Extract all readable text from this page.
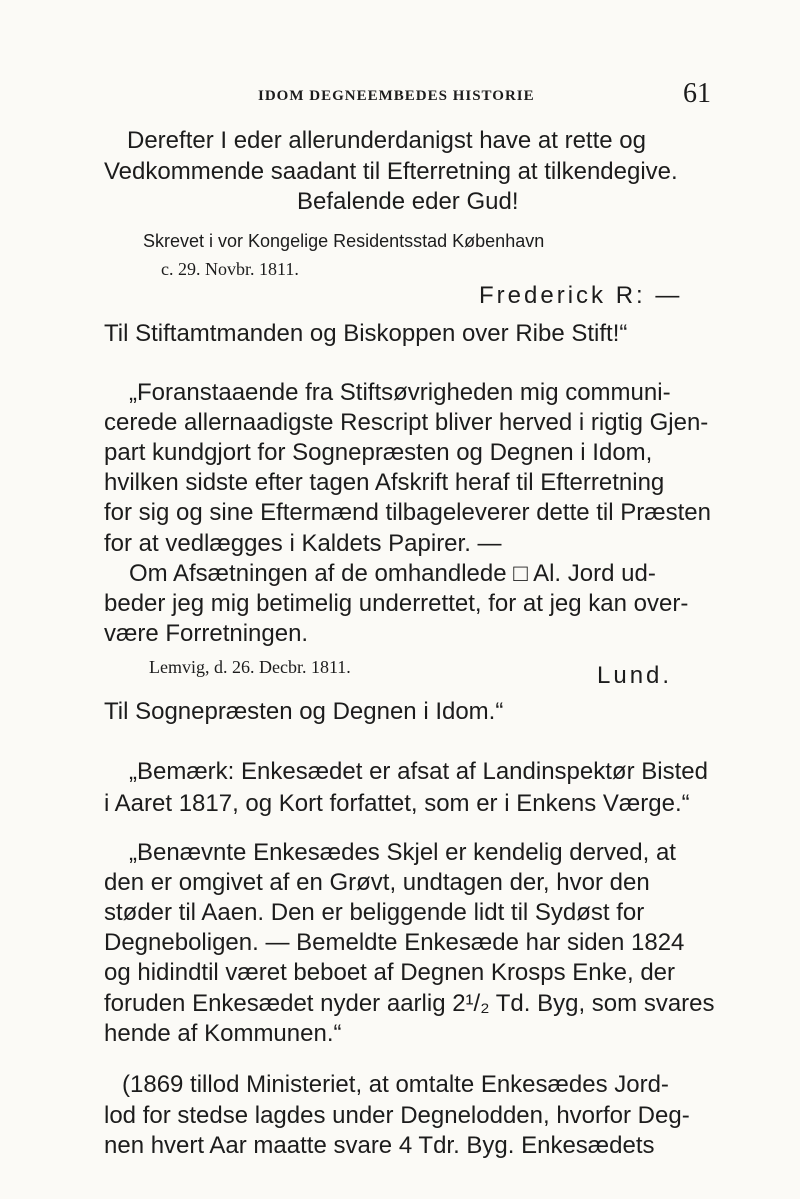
IDOM DEGNEEMBEDES HISTORIE	61
Derefter I eder allerunderdanigst have at rette og
Vedkommende saadant til Efterretning at tilkendegive.
Befalende eder Gud!
Skrevet i vor Kongelige Residentsstad København
c. 29. Novbr. 1811.
Frederick R: —
Til Stiftamtmanden og Biskoppen over Ribe Stift!“
„Foranstaaende fra Stiftsøvrigheden mig communi-
cerede allernaadigste Rescript bliver herved i rigtig Gjen-
part kundgjort for Sognepræsten og Degnen i Idom,
hvilken sidste efter tagen Afskrift heraf til Efterretning
for sig og sine Eftermænd tilbageleverer dette til Præsten
for at vedlægges i Kaldets Papirer. —
Om Afsætningen af de omhandlede □ Al. Jord ud-
beder jeg mig betimelig underrettet, for at jeg kan over-
være Forretningen.
Lemvig, d. 26. Decbr. 1811.	Lund.
Til Sognepræsten og Degnen i Idom.“
„Bemærk: Enkesædet er afsat af Landinspektør Bisted
i Aaret 1817, og Kort forfattet, som er i Enkens Værge.“
„Benævnte Enkesædes Skjel er kendelig derved, at
den er omgivet af en Grøvt, undtagen der, hvor den
støder til Aaen. Den er beliggende lidt til Sydøst for
Degneboligen. — Bemeldte Enkesæde har siden 1824
og hidindtil været beboet af Degnen Krosps Enke, der
foruden Enkesædet nyder aarlig 2¹/₂ Td. Byg, som svares
hende af Kommunen.“
(1869 tillod Ministeriet, at omtalte Enkesædes Jord-
lod for stedse lagdes under Degnelodden, hvorfor Deg-
nen hvert Aar maatte svare 4 Tdr. Byg. Enkesædets
